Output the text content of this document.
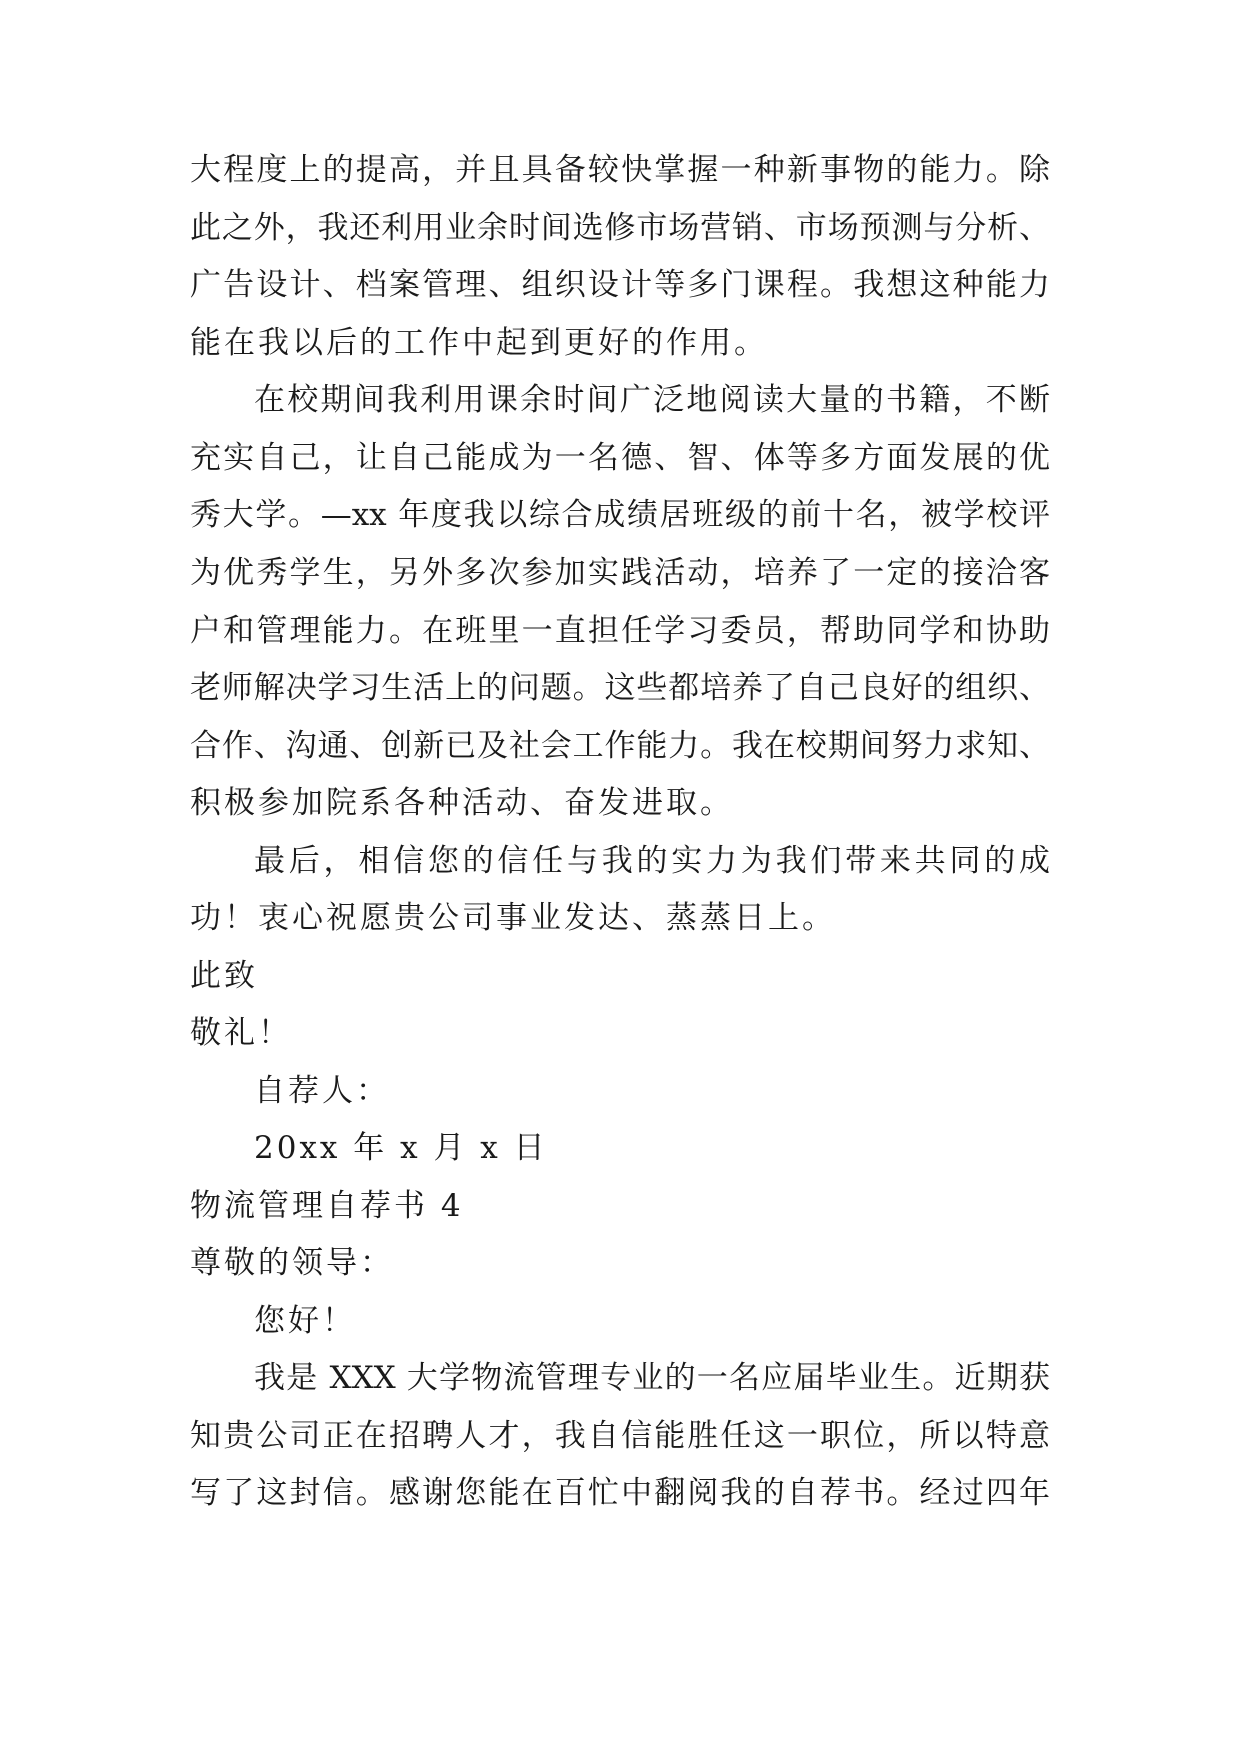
大程度上的提高，并且具备较快掌握一种新事物的能力。除
此之外，我还利用业余时间选修市场营销、市场预测与分析、
广告设计、档案管理、组织设计等多门课程。我想这种能力
能在我以后的工作中起到更好的作用。
在校期间我利用课余时间广泛地阅读大量的书籍，不断
充实自己，让自己能成为一名德、智、体等多方面发展的优
秀大学。—xx 年度我以综合成绩居班级的前十名，被学校评
为优秀学生，另外多次参加实践活动，培养了一定的接洽客
户和管理能力。在班里一直担任学习委员，帮助同学和协助
老师解决学习生活上的问题。这些都培养了自己良好的组织、
合作、沟通、创新已及社会工作能力。我在校期间努力求知、
积极参加院系各种活动、奋发进取。
最后，相信您的信任与我的实力为我们带来共同的成
功！衷心祝愿贵公司事业发达、蒸蒸日上。
此致
敬礼！
自荐人：
20xx 年 x 月 x 日
物流管理自荐书 4
尊敬的领导：
您好！
我是 XXX 大学物流管理专业的一名应届毕业生。近期获
知贵公司正在招聘人才，我自信能胜任这一职位，所以特意
写了这封信。感谢您能在百忙中翻阅我的自荐书。经过四年
